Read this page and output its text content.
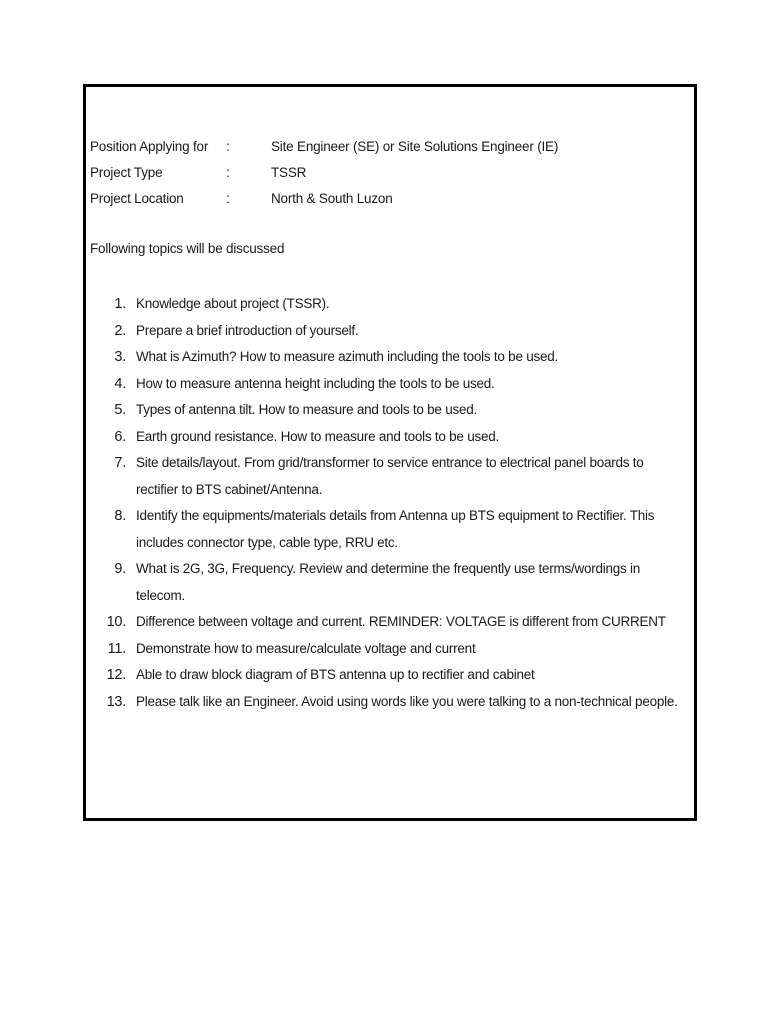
Position Applying for :	Site Engineer (SE) or Site Solutions Engineer (IE)
Project Type	:	TSSR
Project Location	:	North & South Luzon
Following topics will be discussed
1. Knowledge about project (TSSR).
2. Prepare a brief introduction of yourself.
3. What is Azimuth? How to measure azimuth including the tools to be used.
4. How to measure antenna height including the tools to be used.
5. Types of antenna tilt. How to measure and tools to be used.
6. Earth ground resistance. How to measure and tools to be used.
7. Site details/layout. From grid/transformer to service entrance to electrical panel boards to rectifier to BTS cabinet/Antenna.
8. Identify the equipments/materials details from Antenna up BTS equipment to Rectifier. This includes connector type, cable type, RRU etc.
9. What is 2G, 3G, Frequency. Review and determine the frequently use terms/wordings in telecom.
10. Difference between voltage and current. REMINDER: VOLTAGE is different from CURRENT
11. Demonstrate how to measure/calculate voltage and current
12. Able to draw block diagram of BTS antenna up to rectifier and cabinet
13. Please talk like an Engineer. Avoid using words like you were talking to a non-technical people.
